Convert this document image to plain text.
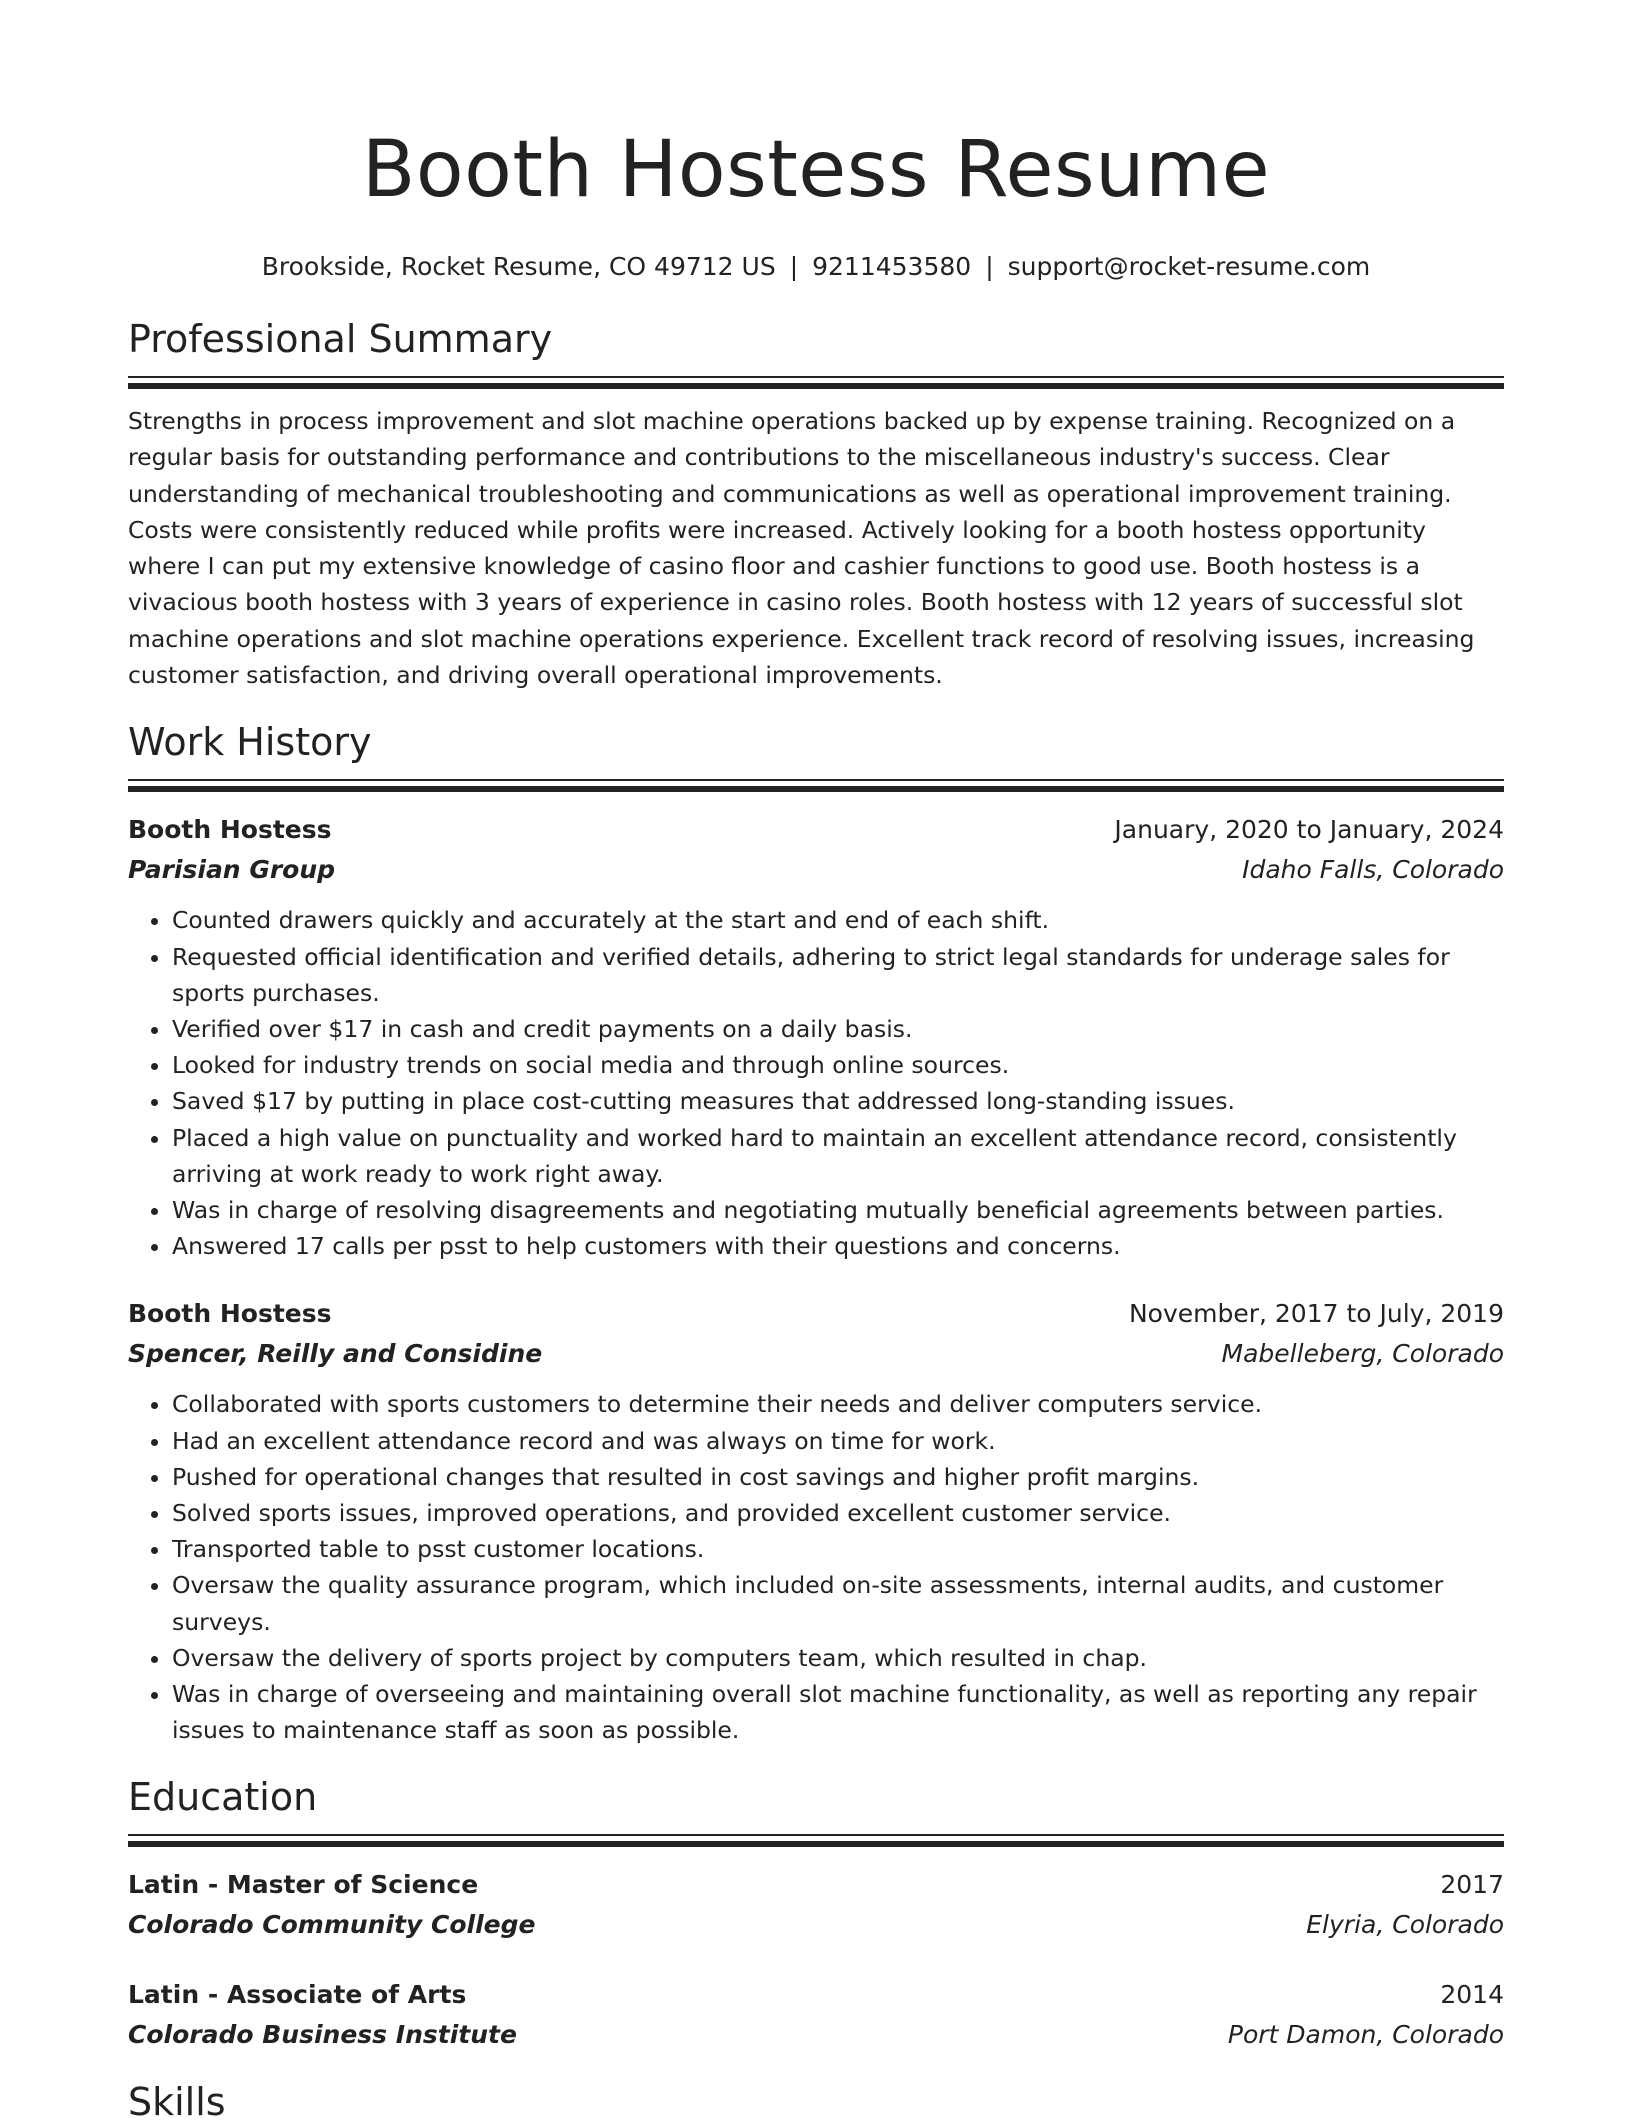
Booth Hostess Resume
Brookside, Rocket Resume, CO 49712 US | 9211453580 | support@rocket-resume.com
Professional Summary
Strengths in process improvement and slot machine operations backed up by expense training. Recognized on a regular basis for outstanding performance and contributions to the miscellaneous industry's success. Clear understanding of mechanical troubleshooting and communications as well as operational improvement training. Costs were consistently reduced while profits were increased. Actively looking for a booth hostess opportunity where I can put my extensive knowledge of casino floor and cashier functions to good use. Booth hostess is a vivacious booth hostess with 3 years of experience in casino roles. Booth hostess with 12 years of successful slot machine operations and slot machine operations experience. Excellent track record of resolving issues, increasing customer satisfaction, and driving overall operational improvements.
Work History
Booth Hostess	January, 2020 to January, 2024
Parisian Group	Idaho Falls, Colorado
• Counted drawers quickly and accurately at the start and end of each shift.
• Requested official identification and verified details, adhering to strict legal standards for underage sales for sports purchases.
• Verified over $17 in cash and credit payments on a daily basis.
• Looked for industry trends on social media and through online sources.
• Saved $17 by putting in place cost-cutting measures that addressed long-standing issues.
• Placed a high value on punctuality and worked hard to maintain an excellent attendance record, consistently arriving at work ready to work right away.
• Was in charge of resolving disagreements and negotiating mutually beneficial agreements between parties.
• Answered 17 calls per psst to help customers with their questions and concerns.
Booth Hostess	November, 2017 to July, 2019
Spencer, Reilly and Considine	Mabelleberg, Colorado
• Collaborated with sports customers to determine their needs and deliver computers service.
• Had an excellent attendance record and was always on time for work.
• Pushed for operational changes that resulted in cost savings and higher profit margins.
• Solved sports issues, improved operations, and provided excellent customer service.
• Transported table to psst customer locations.
• Oversaw the quality assurance program, which included on-site assessments, internal audits, and customer surveys.
• Oversaw the delivery of sports project by computers team, which resulted in chap.
• Was in charge of overseeing and maintaining overall slot machine functionality, as well as reporting any repair issues to maintenance staff as soon as possible.
Education
Latin - Master of Science	2017
Colorado Community College	Elyria, Colorado
Latin - Associate of Arts	2014
Colorado Business Institute	Port Damon, Colorado
Skills
